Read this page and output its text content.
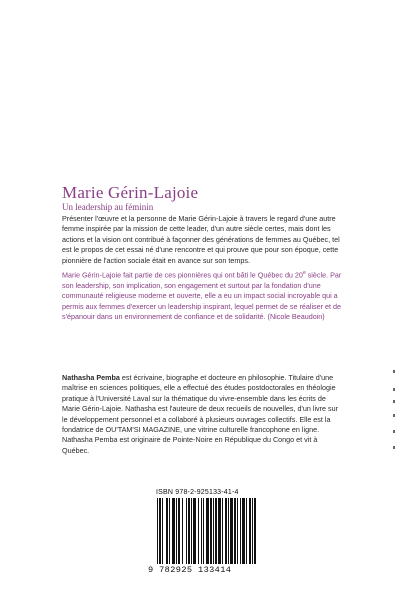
Marie Gérin-Lajoie
Un leadership au féminin

Présenter l'œuvre et la personne de Marie Gérin-Lajoie à travers le regard d'une autre femme inspirée par la mission de cette leader, d'un autre siècle certes, mais dont les actions et la vision ont contribué à façonner des générations de femmes au Québec, tel est le propos de cet essai né d'une rencontre et qui prouve que pour son époque, cette pionnière de l'action sociale était en avance sur son temps.

Marie Gérin-Lajoie fait partie de ces pionnières qui ont bâti le Québec du 20e siècle. Par son leadership, son implication, son engagement et surtout par la fondation d'une communauté religieuse moderne et ouverte, elle a eu un impact social incroyable qui a permis aux femmes d'exercer un leadership inspirant, lequel permet de se réaliser et de s'épanouir dans un environnement de confiance et de solidarité. (Nicole Beaudoin)

Nathasha Pemba est écrivaine, biographe et docteure en philosophie. Titulaire d'une maîtrise en sciences politiques, elle a effectué des études postdoctorales en théologie pratique à l'Université Laval sur la thématique du vivre-ensemble dans les écrits de Marie Gérin-Lajoie. Nathasha est l'auteure de deux recueils de nouvelles, d'un livre sur le développement personnel et a collaboré à plusieurs ouvrages collectifs. Elle est la fondatrice de OU'TAM'SI MAGAZINE, une vitrine culturelle francophone en ligne. Nathasha Pemba est originaire de Pointe-Noire en République du Congo et vit à Québec.

ISBN 978-2-925133-41-4
9 782925 133414
